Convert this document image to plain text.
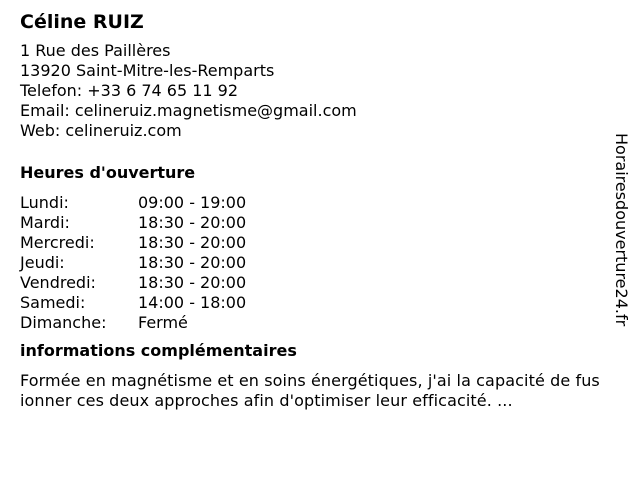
Céline RUIZ
1 Rue des Paillères
13920 Saint-Mitre-les-Remparts
Telefon: +33 6 74 65 11 92
Email: celineruiz.magnetisme@gmail.com
Web: celineruiz.com
Heures d'ouverture
Lundi:	09:00 - 19:00
Mardi:	18:30 - 20:00
Mercredi:	18:30 - 20:00
Jeudi:	18:30 - 20:00
Vendredi:	18:30 - 20:00
Samedi:	14:00 - 18:00
Dimanche:	Fermé
informations complémentaires
Formée en magnétisme et en soins énergétiques, j'ai la capacité de fusionner ces deux approches afin d'optimiser leur efficacité. ...
Horairesdouverture24.fr
